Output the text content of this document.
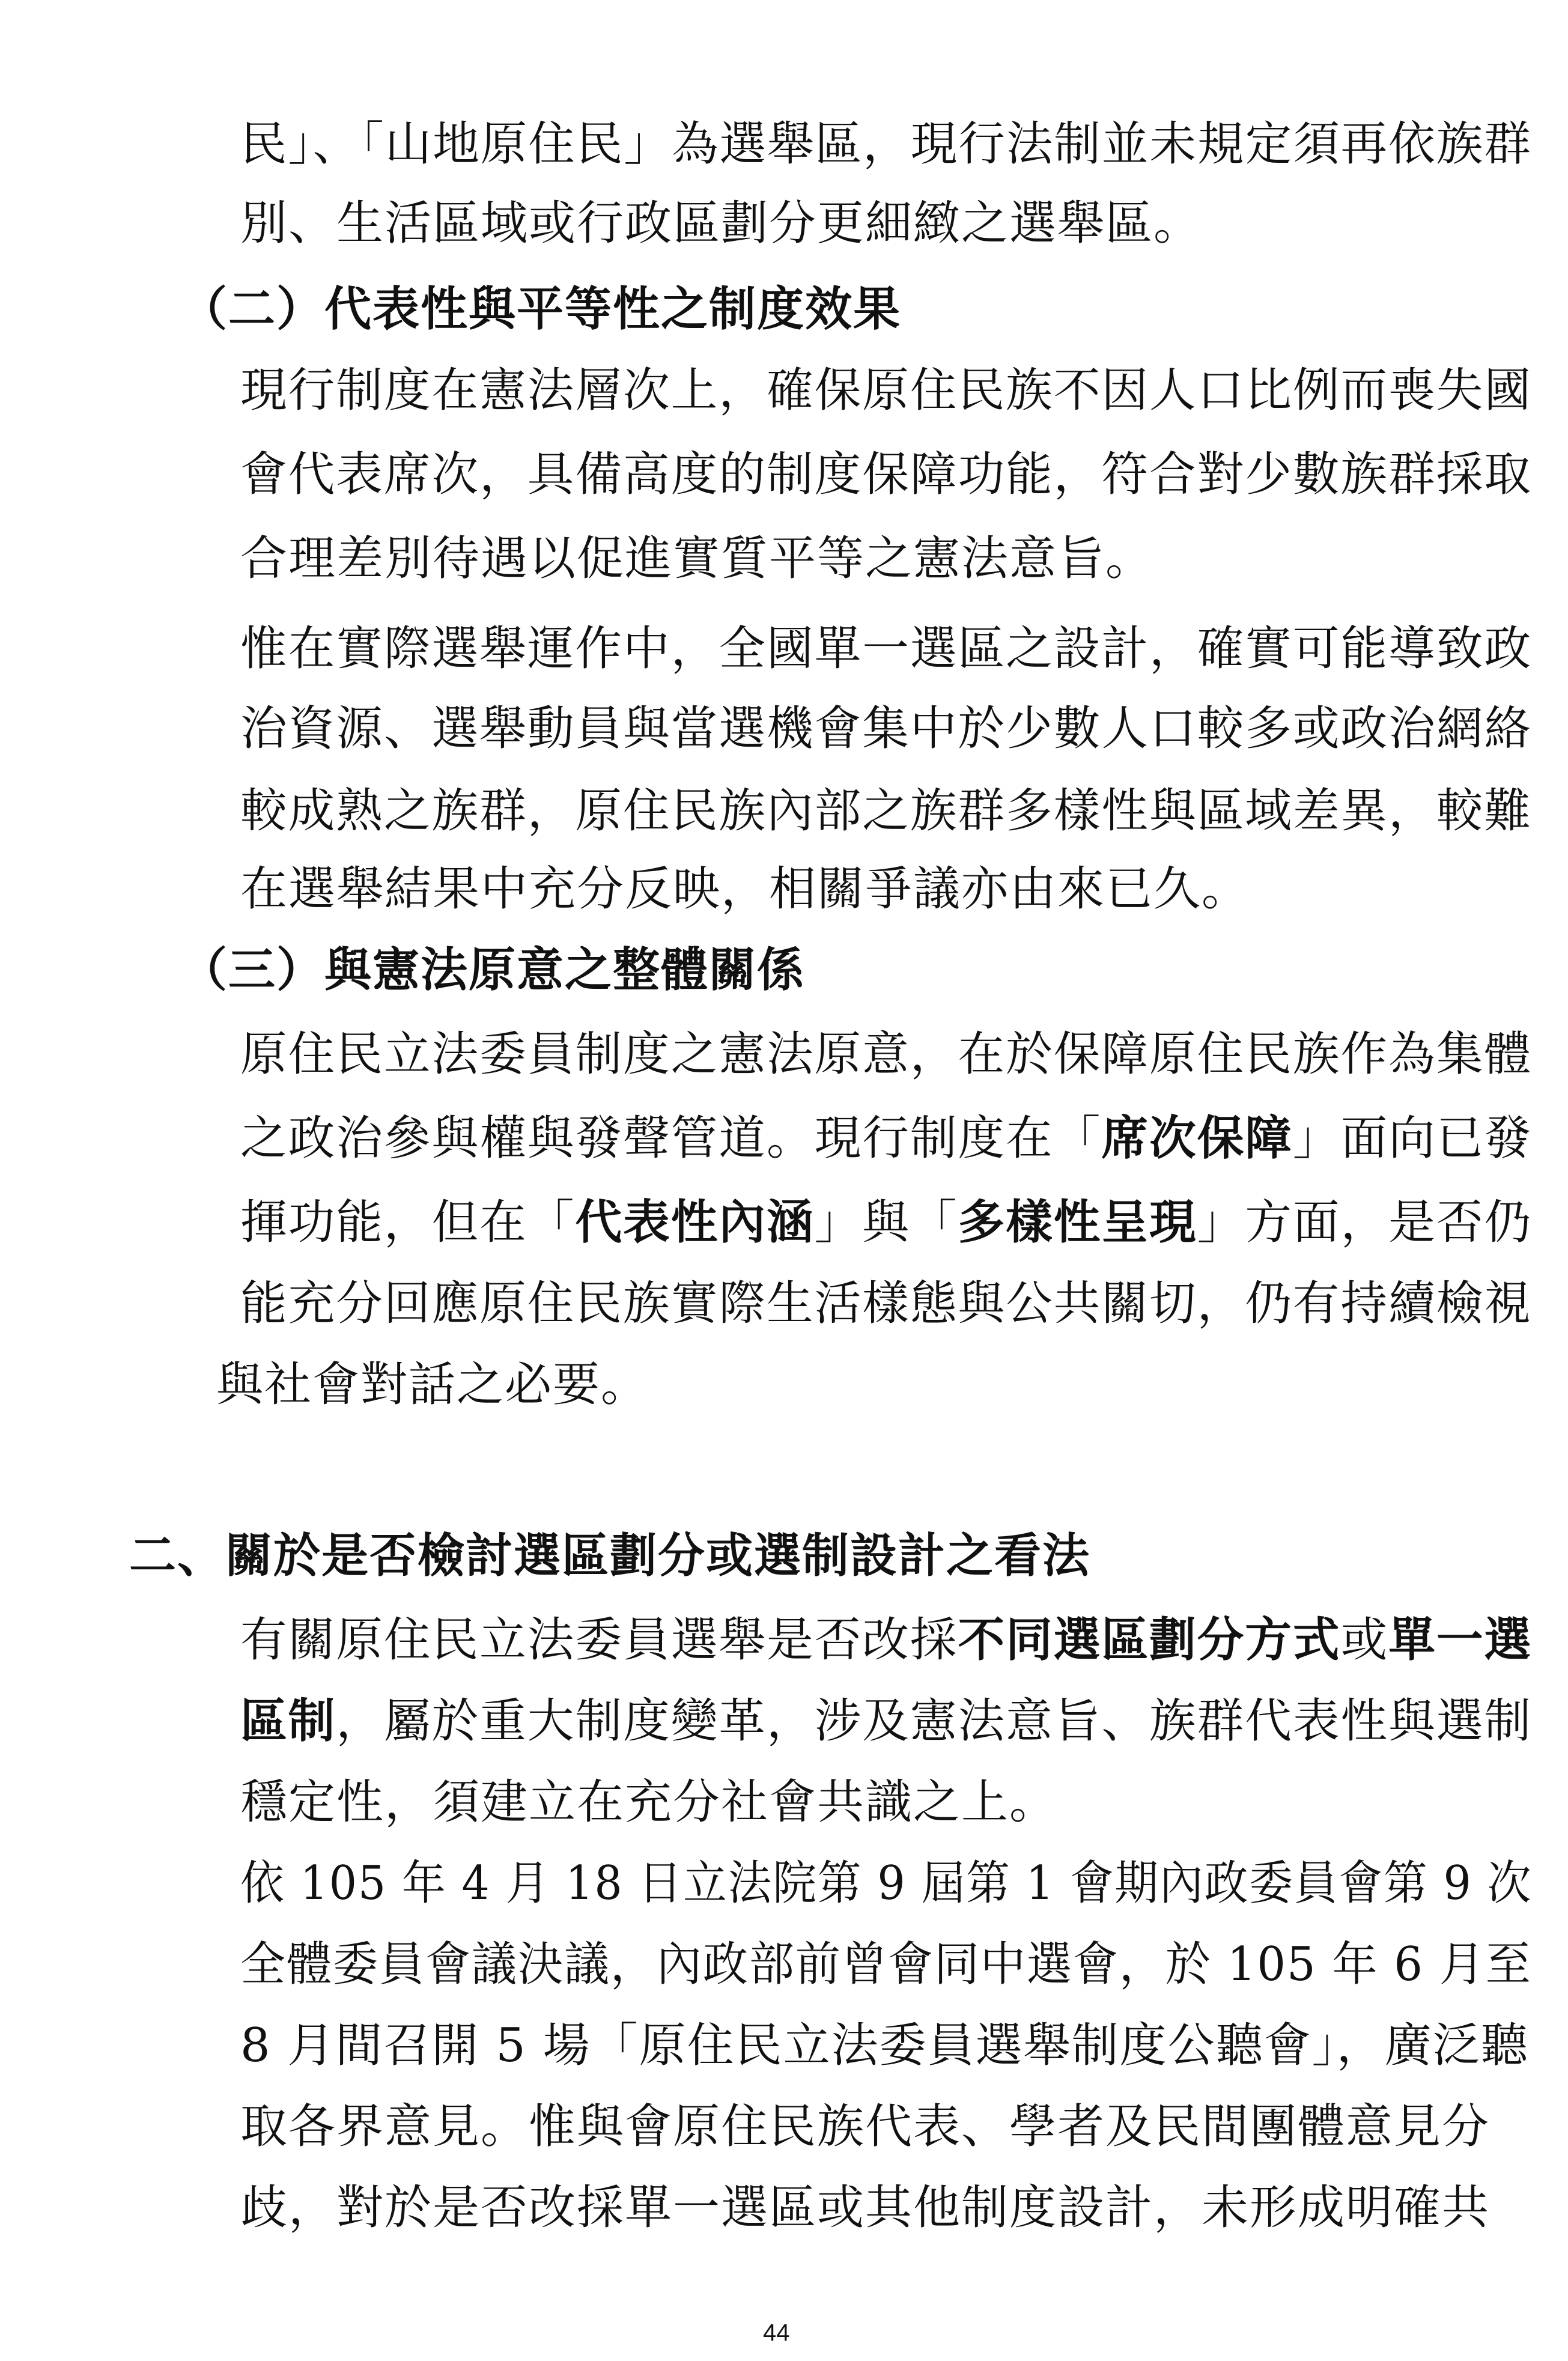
民」、「山地原住民」為選舉區，現行法制並未規定須再依族群
別、生活區域或行政區劃分更細緻之選舉區。
（二）代表性與平等性之制度效果
現行制度在憲法層次上，確保原住民族不因人口比例而喪失國
會代表席次，具備高度的制度保障功能，符合對少數族群採取
合理差別待遇以促進實質平等之憲法意旨。
惟在實際選舉運作中，全國單一選區之設計，確實可能導致政
治資源、選舉動員與當選機會集中於少數人口較多或政治網絡
較成熟之族群，原住民族內部之族群多樣性與區域差異，較難
在選舉結果中充分反映，相關爭議亦由來已久。
（三）與憲法原意之整體關係
原住民立法委員制度之憲法原意，在於保障原住民族作為集體
之政治參與權與發聲管道。現行制度在「席次保障」面向已發
揮功能，但在「代表性內涵」與「多樣性呈現」方面，是否仍
能充分回應原住民族實際生活樣態與公共關切，仍有持續檢視
與社會對話之必要。
二、關於是否檢討選區劃分或選制設計之看法
有關原住民立法委員選舉是否改採不同選區劃分方式或單一選
區制，屬於重大制度變革，涉及憲法意旨、族群代表性與選制
穩定性，須建立在充分社會共識之上。
依 105 年 4 月 18 日立法院第 9 屆第 1 會期內政委員會第 9 次
全體委員會議決議，內政部前曾會同中選會，於 105 年 6 月至
8 月間召開 5 場「原住民立法委員選舉制度公聽會」，廣泛聽
取各界意見。惟與會原住民族代表、學者及民間團體意見分
歧，對於是否改採單一選區或其他制度設計，未形成明確共
44
